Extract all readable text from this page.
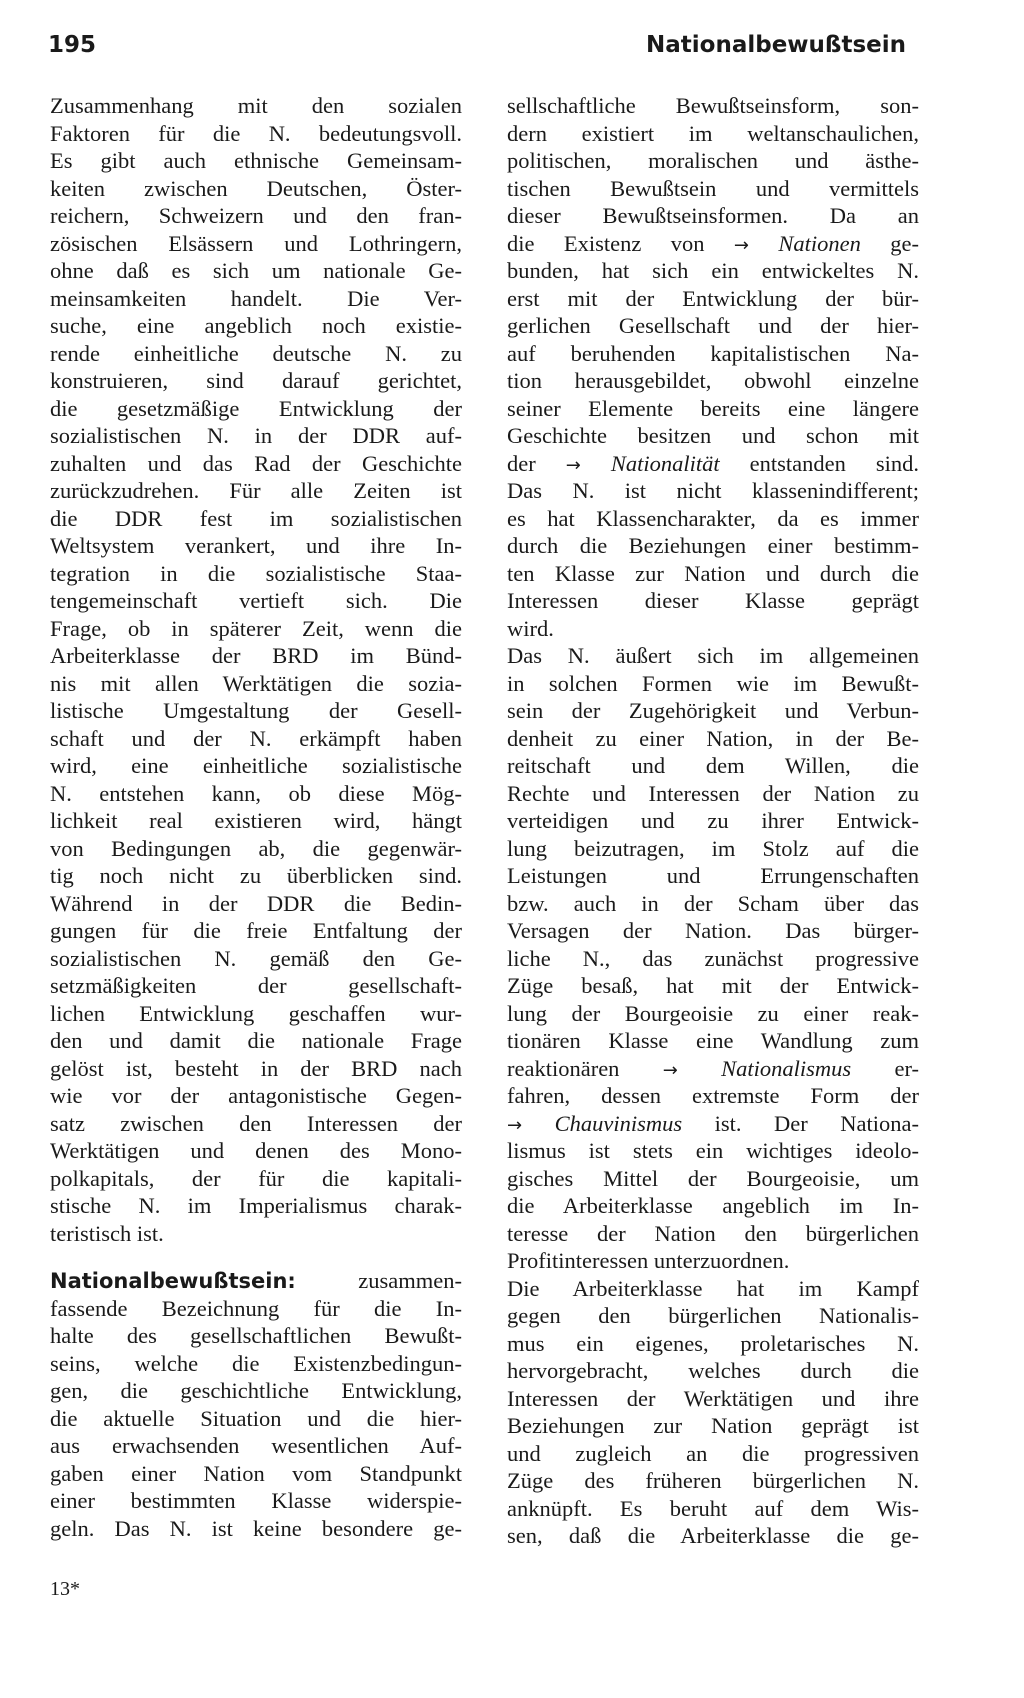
195	Nationalbewußtsein
Zusammenhang mit den sozialen
Faktoren für die N. bedeutungsvoll.
Es gibt auch ethnische Gemeinsam-
keiten zwischen Deutschen, Öster-
reichern, Schweizern und den fran-
zösischen Elsässern und Lothringern,
ohne daß es sich um nationale Ge-
meinsamkeiten handelt. Die Ver-
suche, eine angeblich noch existie-
rende einheitliche deutsche N. zu
konstruieren, sind darauf gerichtet,
die gesetzmäßige Entwicklung der
sozialistischen N. in der DDR auf-
zuhalten und das Rad der Geschichte
zurückzudrehen. Für alle Zeiten ist
die DDR fest im sozialistischen
Weltsystem verankert, und ihre In-
tegration in die sozialistische Staa-
tengemeinschaft vertieft sich. Die
Frage, ob in späterer Zeit, wenn die
Arbeiterklasse der BRD im Bünd-
nis mit allen Werktätigen die sozia-
listische Umgestaltung der Gesell-
schaft und der N. erkämpft haben
wird, eine einheitliche sozialistische
N. entstehen kann, ob diese Mög-
lichkeit real existieren wird, hängt
von Bedingungen ab, die gegenwär-
tig noch nicht zu überblicken sind.
Während in der DDR die Bedin-
gungen für die freie Entfaltung der
sozialistischen N. gemäß den Ge-
setzmäßigkeiten der gesellschaft-
lichen Entwicklung geschaffen wur-
den und damit die nationale Frage
gelöst ist, besteht in der BRD nach
wie vor der antagonistische Gegen-
satz zwischen den Interessen der
Werktätigen und denen des Mono-
polkapitals, der für die kapitali-
stische N. im Imperialismus charak-
teristisch ist.
Nationalbewußtsein: zusammen-
fassende Bezeichnung für die In-
halte des gesellschaftlichen Bewußt-
seins, welche die Existenzbedingun-
gen, die geschichtliche Entwicklung,
die aktuelle Situation und die hier-
aus erwachsenden wesentlichen Auf-
gaben einer Nation vom Standpunkt
einer bestimmten Klasse widerspie-
geln. Das N. ist keine besondere ge-
sellschaftliche Bewußtseinsform, son-
dern existiert im weltanschaulichen,
politischen, moralischen und ästhe-
tischen Bewußtsein und vermittels
dieser Bewußtseinsformen. Da an
die Existenz von → Nationen ge-
bunden, hat sich ein entwickeltes N.
erst mit der Entwicklung der bür-
gerlichen Gesellschaft und der hier-
auf beruhenden kapitalistischen Na-
tion herausgebildet, obwohl einzelne
seiner Elemente bereits eine längere
Geschichte besitzen und schon mit
der → Nationalität entstanden sind.
Das N. ist nicht klassenindifferent;
es hat Klassencharakter, da es immer
durch die Beziehungen einer bestimm-
ten Klasse zur Nation und durch die
Interessen dieser Klasse geprägt
wird.
Das N. äußert sich im allgemeinen
in solchen Formen wie im Bewußt-
sein der Zugehörigkeit und Verbun-
denheit zu einer Nation, in der Be-
reitschaft und dem Willen, die
Rechte und Interessen der Nation zu
verteidigen und zu ihrer Entwick-
lung beizutragen, im Stolz auf die
Leistungen und Errungenschaften
bzw. auch in der Scham über das
Versagen der Nation. Das bürger-
liche N., das zunächst progressive
Züge besaß, hat mit der Entwick-
lung der Bourgeoisie zu einer reak-
tionären Klasse eine Wandlung zum
reaktionären → Nationalismus er-
fahren, dessen extremste Form der
→ Chauvinismus ist. Der Nationa-
lismus ist stets ein wichtiges ideolo-
gisches Mittel der Bourgeoisie, um
die Arbeiterklasse angeblich im In-
teresse der Nation den bürgerlichen
Profitinteressen unterzuordnen.
Die Arbeiterklasse hat im Kampf
gegen den bürgerlichen Nationalis-
mus ein eigenes, proletarisches N.
hervorgebracht, welches durch die
Interessen der Werktätigen und ihre
Beziehungen zur Nation geprägt ist
und zugleich an die progressiven
Züge des früheren bürgerlichen N.
anknüpft. Es beruht auf dem Wis-
sen, daß die Arbeiterklasse die ge-
13*
